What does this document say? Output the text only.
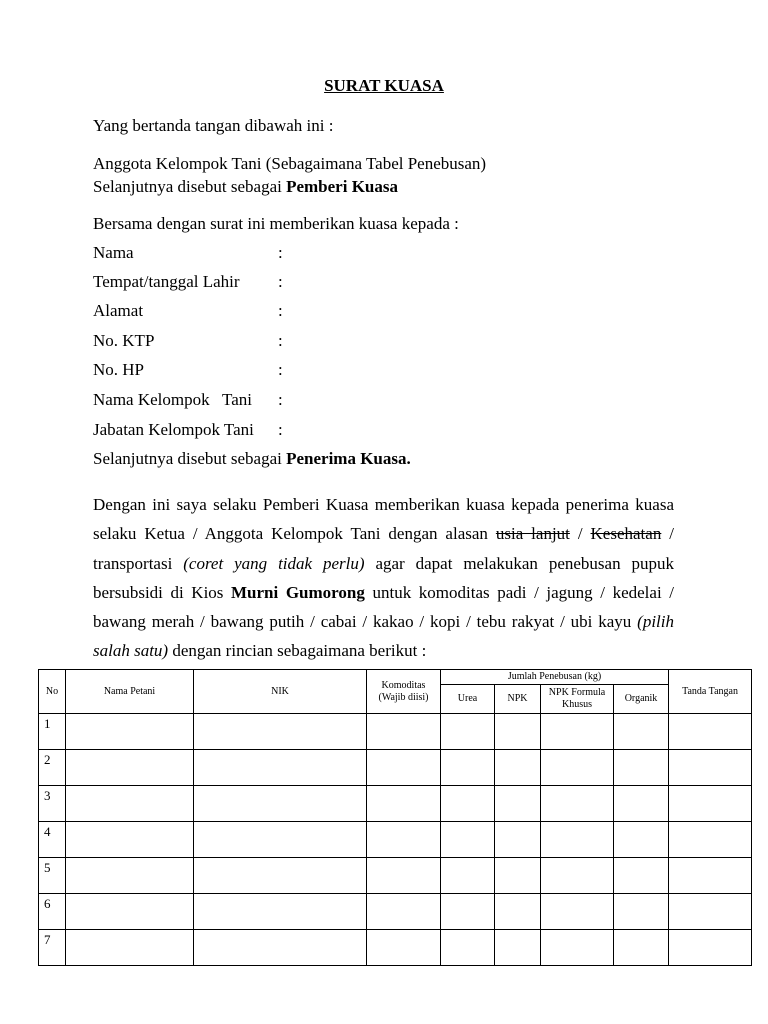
SURAT KUASA
Yang bertanda tangan dibawah ini :
Anggota Kelompok Tani (Sebagaimana Tabel Penebusan)
Selanjutnya disebut sebagai Pemberi Kuasa
Bersama dengan surat ini memberikan kuasa kepada :
Nama	:
Tempat/tanggal Lahir :
Alamat	:
No. KTP	:
No. HP	:
Nama Kelompok   Tani :
Jabatan Kelompok Tani :
Selanjutnya disebut sebagai Penerima Kuasa.
Dengan ini saya selaku Pemberi Kuasa memberikan kuasa kepada penerima kuasa selaku Ketua / Anggota Kelompok Tani dengan alasan usia lanjut / Kesehatan / transportasi (coret yang tidak perlu) agar dapat melakukan penebusan pupuk bersubsidi di Kios Murni Gumorong untuk komoditas padi / jagung / kedelai / bawang merah / bawang putih / cabai / kakao / kopi / tebu rakyat / ubi kayu (pilih salah satu) dengan rincian sebagaimana berikut :
No	Nama Petani	NIK	Komoditas (Wajib diisi)	Jumlah Penebusan (kg)				Tanda Tangan
				Urea	NPK	NPK Formula Khusus	Organik	
1								
2								
3								
4								
5								
6								
7								
